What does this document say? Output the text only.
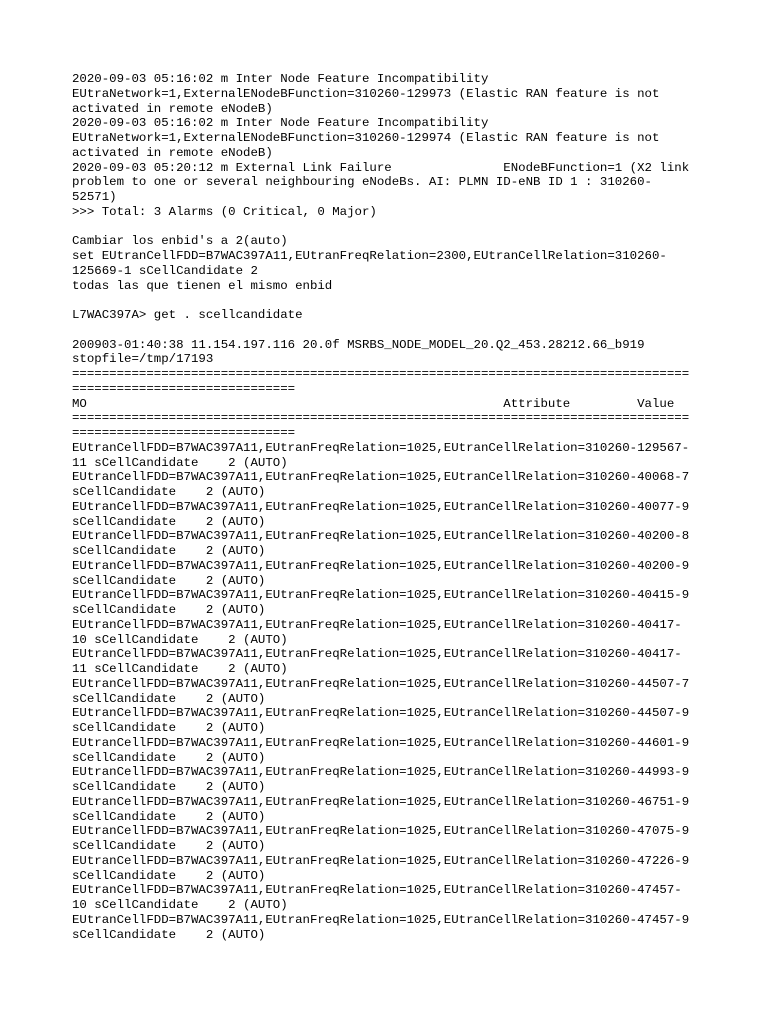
2020-09-03 05:16:02 m Inter Node Feature Incompatibility

EUtraNetwork=1,ExternalENodeBFunction=310260-129973 (Elastic RAN feature is not

activated in remote eNodeB)

2020-09-03 05:16:02 m Inter Node Feature Incompatibility

EUtraNetwork=1,ExternalENodeBFunction=310260-129974 (Elastic RAN feature is not

activated in remote eNodeB)

2020-09-03 05:20:12 m External Link Failure               ENodeBFunction=1 (X2 link

problem to one or several neighbouring eNodeBs. AI: PLMN ID-eNB ID 1 : 310260-

52571)

>>> Total: 3 Alarms (0 Critical, 0 Major)

Cambiar los enbid's a 2(auto)

set EUtranCellFDD=B7WAC397A11,EUtranFreqRelation=2300,EUtranCellRelation=310260-

125669-1 sCellCandidate 2

todas las que tienen el mismo enbid

L7WAC397A> get . scellcandidate

200903-01:40:38 11.154.197.116 20.0f MSRBS_NODE_MODEL_20.Q2_453.28212.66_b919

stopfile=/tmp/17193

===================================================================================

==============================

MO                                                        Attribute         Value

===================================================================================

==============================

EUtranCellFDD=B7WAC397A11,EUtranFreqRelation=1025,EUtranCellRelation=310260-129567-

11 sCellCandidate    2 (AUTO)

EUtranCellFDD=B7WAC397A11,EUtranFreqRelation=1025,EUtranCellRelation=310260-40068-7

sCellCandidate    2 (AUTO)

EUtranCellFDD=B7WAC397A11,EUtranFreqRelation=1025,EUtranCellRelation=310260-40077-9

sCellCandidate    2 (AUTO)

EUtranCellFDD=B7WAC397A11,EUtranFreqRelation=1025,EUtranCellRelation=310260-40200-8

sCellCandidate    2 (AUTO)

EUtranCellFDD=B7WAC397A11,EUtranFreqRelation=1025,EUtranCellRelation=310260-40200-9

sCellCandidate    2 (AUTO)

EUtranCellFDD=B7WAC397A11,EUtranFreqRelation=1025,EUtranCellRelation=310260-40415-9

sCellCandidate    2 (AUTO)

EUtranCellFDD=B7WAC397A11,EUtranFreqRelation=1025,EUtranCellRelation=310260-40417-

10 sCellCandidate    2 (AUTO)

EUtranCellFDD=B7WAC397A11,EUtranFreqRelation=1025,EUtranCellRelation=310260-40417-

11 sCellCandidate    2 (AUTO)

EUtranCellFDD=B7WAC397A11,EUtranFreqRelation=1025,EUtranCellRelation=310260-44507-7

sCellCandidate    2 (AUTO)

EUtranCellFDD=B7WAC397A11,EUtranFreqRelation=1025,EUtranCellRelation=310260-44507-9

sCellCandidate    2 (AUTO)

EUtranCellFDD=B7WAC397A11,EUtranFreqRelation=1025,EUtranCellRelation=310260-44601-9

sCellCandidate    2 (AUTO)

EUtranCellFDD=B7WAC397A11,EUtranFreqRelation=1025,EUtranCellRelation=310260-44993-9

sCellCandidate    2 (AUTO)

EUtranCellFDD=B7WAC397A11,EUtranFreqRelation=1025,EUtranCellRelation=310260-46751-9

sCellCandidate    2 (AUTO)

EUtranCellFDD=B7WAC397A11,EUtranFreqRelation=1025,EUtranCellRelation=310260-47075-9

sCellCandidate    2 (AUTO)

EUtranCellFDD=B7WAC397A11,EUtranFreqRelation=1025,EUtranCellRelation=310260-47226-9

sCellCandidate    2 (AUTO)

EUtranCellFDD=B7WAC397A11,EUtranFreqRelation=1025,EUtranCellRelation=310260-47457-

10 sCellCandidate    2 (AUTO)

EUtranCellFDD=B7WAC397A11,EUtranFreqRelation=1025,EUtranCellRelation=310260-47457-9

sCellCandidate    2 (AUTO)
